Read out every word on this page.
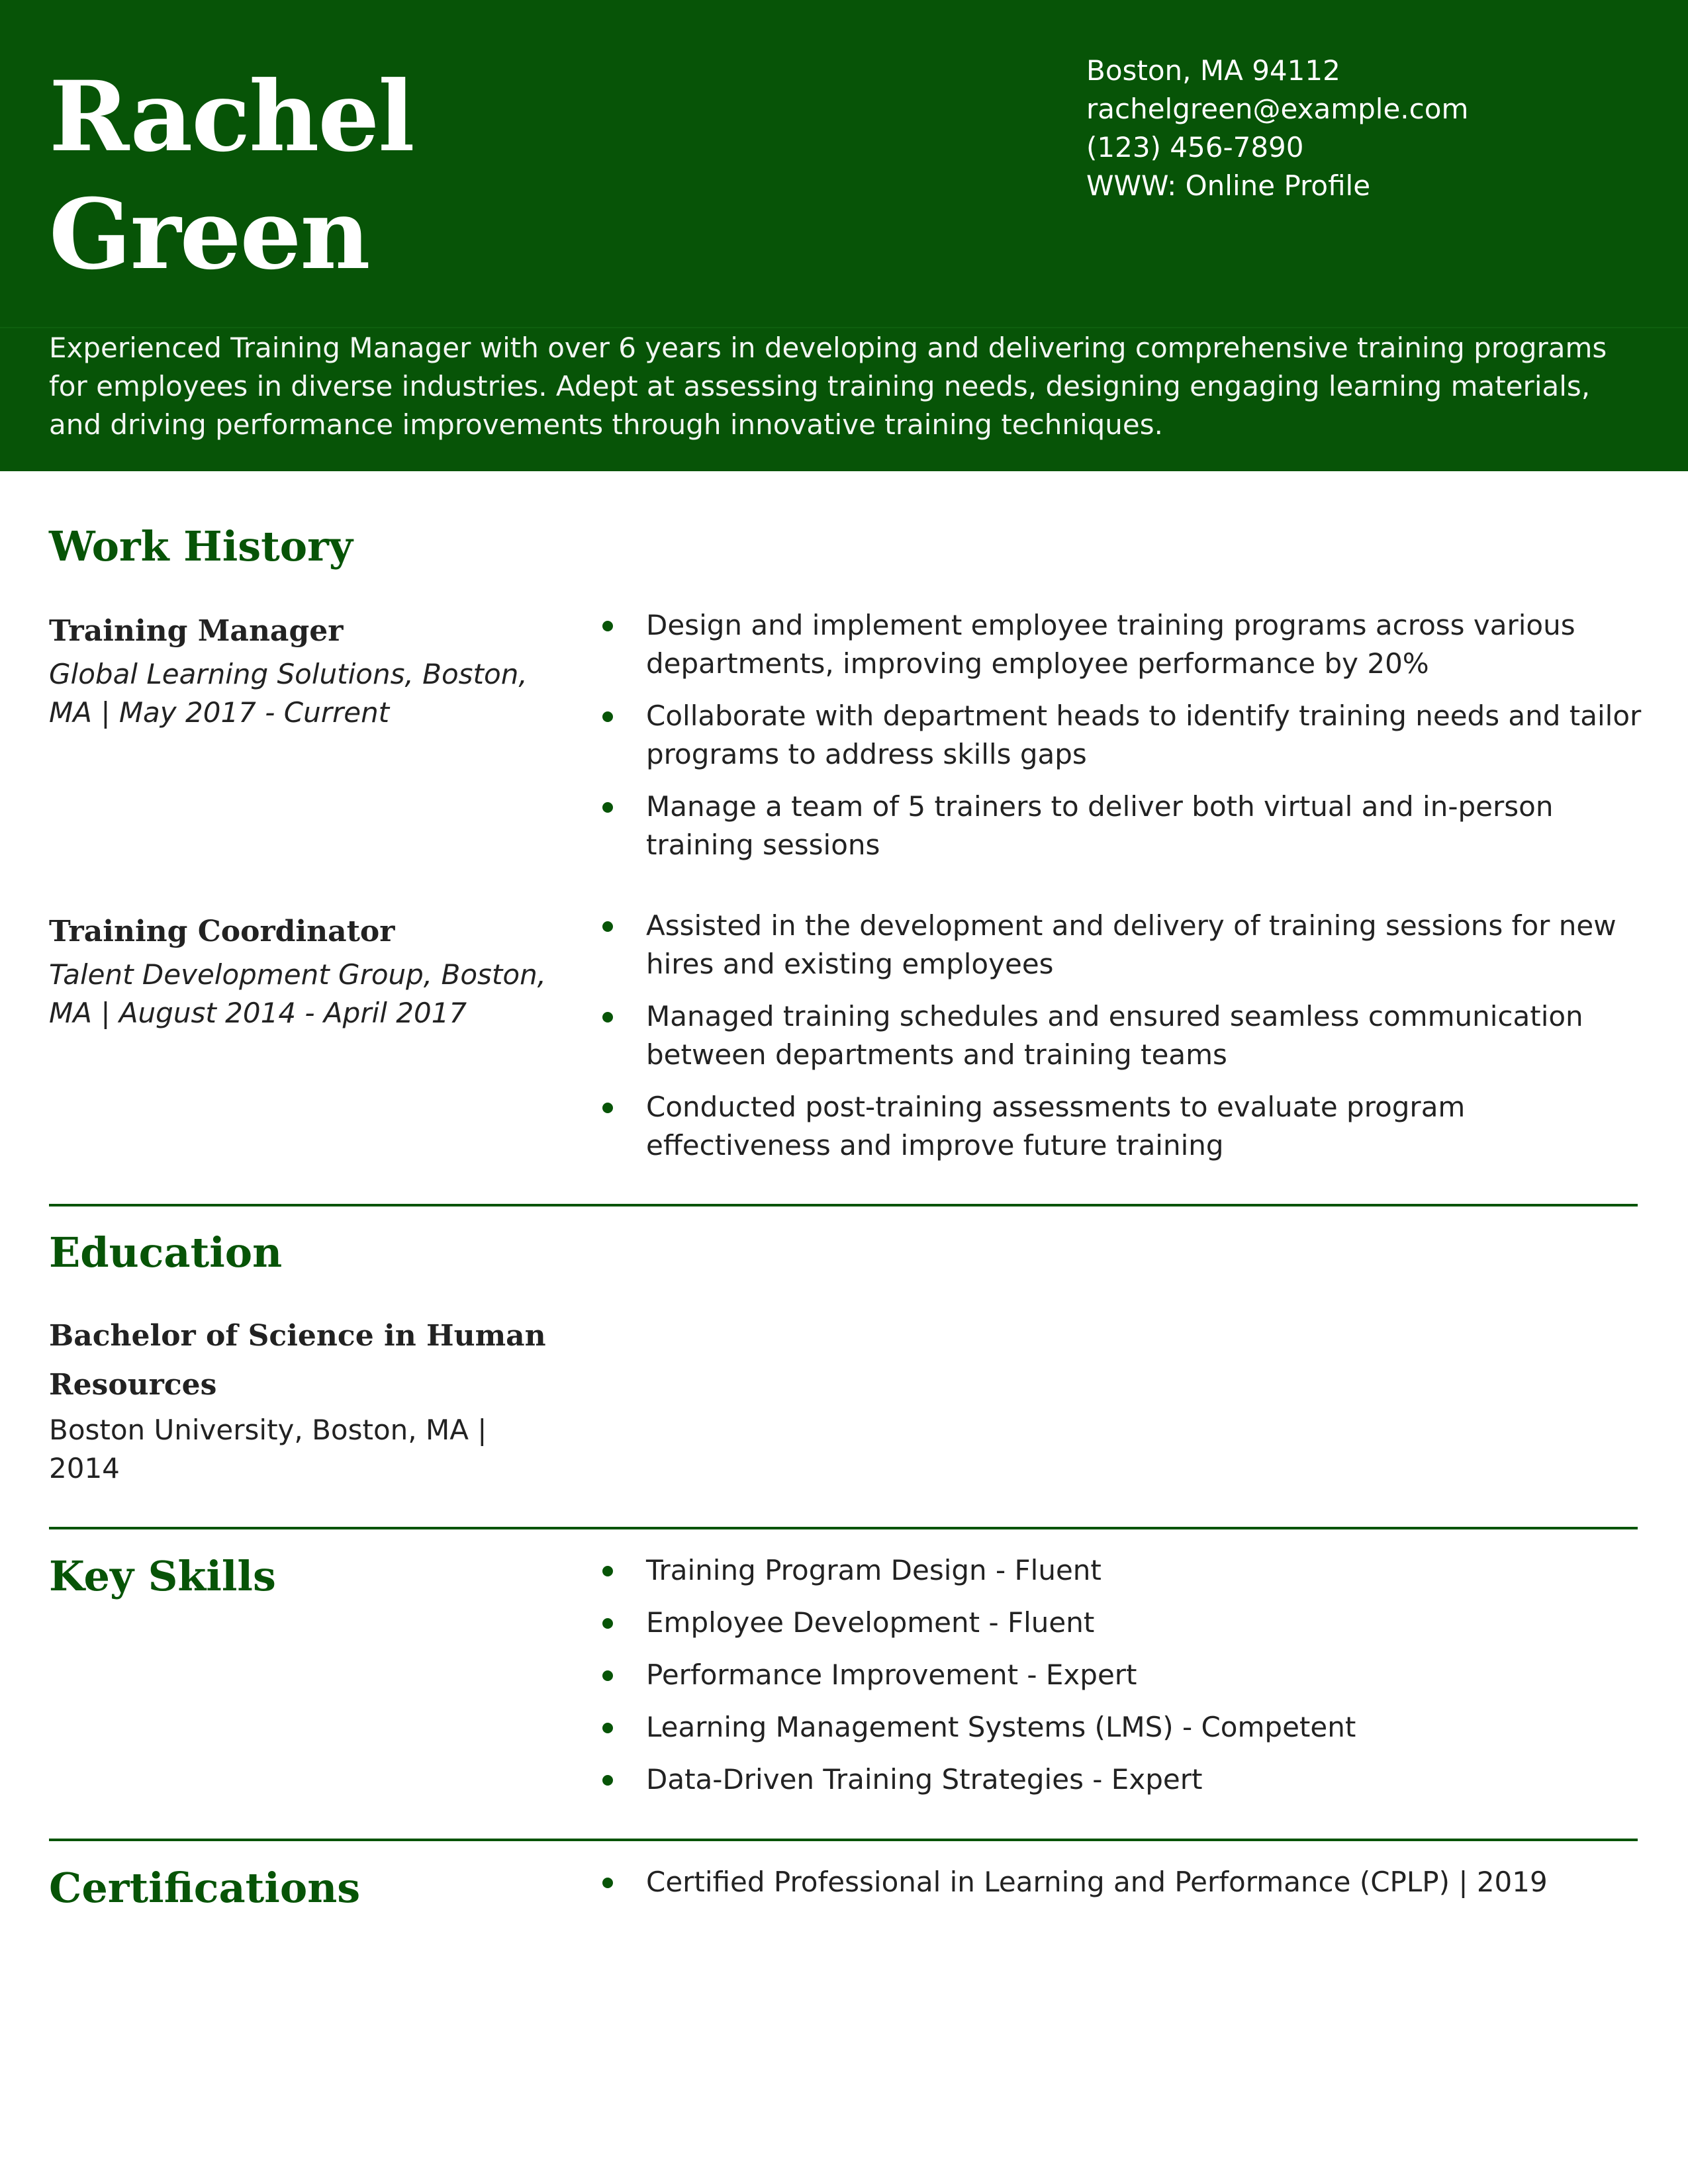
Rachel
Green
Boston, MA 94112
rachelgreen@example.com
(123) 456-7890
WWW: Online Profile
Experienced Training Manager with over 6 years in developing and delivering comprehensive training programs for employees in diverse industries. Adept at assessing training needs, designing engaging learning materials, and driving performance improvements through innovative training techniques.
Work History
Training Manager
Global Learning Solutions, Boston, MA | May 2017 - Current
Design and implement employee training programs across various departments, improving employee performance by 20%
Collaborate with department heads to identify training needs and tailor programs to address skills gaps
Manage a team of 5 trainers to deliver both virtual and in-person training sessions
Training Coordinator
Talent Development Group, Boston, MA | August 2014 - April 2017
Assisted in the development and delivery of training sessions for new hires and existing employees
Managed training schedules and ensured seamless communication between departments and training teams
Conducted post-training assessments to evaluate program effectiveness and improve future training
Education
Bachelor of Science in Human Resources
Boston University, Boston, MA | 2014
Key Skills	Training Program Design - Fluent
Employee Development - Fluent
Performance Improvement - Expert
Learning Management Systems (LMS) - Competent
Data-Driven Training Strategies - Expert
Certifications	Certified Professional in Learning and Performance (CPLP) | 2019
